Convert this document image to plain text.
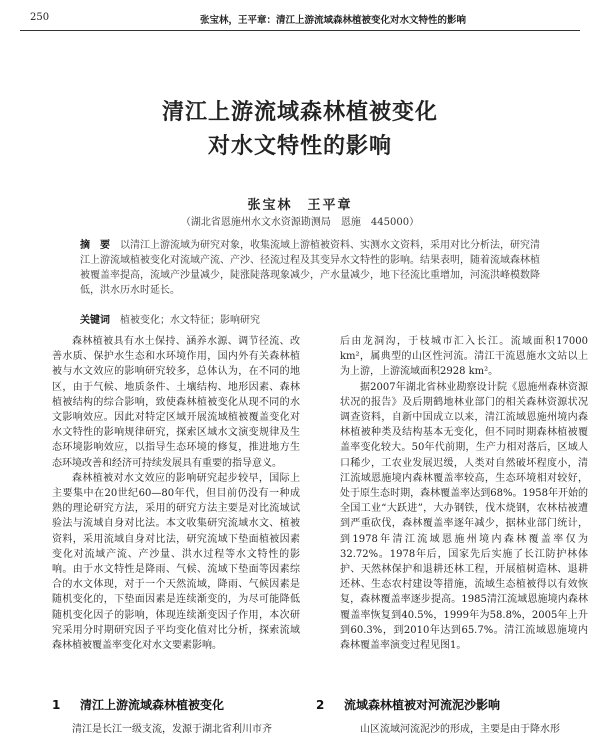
250	张宝林，王平章：清江上游流域森林植被变化对水文特性的影响
清江上游流域森林植被变化
对水文特性的影响
张宝林　王平章
（湖北省恩施州水文水资源勘测局　恩施　445000）
摘　要　 以清江上游流域为研究对象，收集流域上游植被资料、实测水文资料，采用对比分析法，研究清江上游流域植被变化对流域产流、产沙、径流过程及其变异水文特性的影响。结果表明，随着流域森林植被覆盖率提高，流域产沙量减少，陡涨陡落现象减少，产水量减少，地下径流比重增加，河流洪峰模数降低，洪水历水时延长。
关键词　 植被变化；水文特征；影响研究

森林植被具有水土保持、涵养水源、调节径流、改善水质、保护水生态和水环境作用，国内外有关森林植被与水文效应的影响研究较多，总体认为，在不同的地区，由于气候、地质条件、土壤结构、地形因素、森林植被结构的综合影响，致使森林植被变化从现不同的水文影响效应。因此对特定区域开展流域植被覆盖变化对水文特性的影响规律研究，探索区域水文演变规律及生态环境影响效应，以指导生态环境的修复，推进地方生态环境改善和经济可持续发展具有重要的指导意义。

森林植被对水文效应的影响研究起步较早，国际上主要集中在20世纪60—80年代，但目前仍没有一种成熟的理论研究方法，采用的研究方法主要是对比流域试验法与流域自身对比法。本文收集研究流域水文、植被资料，采用流域自身对比法，研究流域下垫面植被因素变化对流域产流、产沙量、洪水过程等水文特性的影响。由于水文特性是降雨、气候、流域下垫面等因素综合的水文体现，对于一个天然流域，降雨、气候因素是随机变化的，下垫面因素是连续渐变的，为尽可能降低随机变化因子的影响，体现连续渐变因子作用，本次研究采用分时期研究因子平均变化值对比分析，探索流域森林植被覆盖率变化对水文要素影响。

后由龙洞沟，于枝城市汇入长江。流域面积17000 km²，属典型的山区性河流。清江干流恩施水文站以上为上游，上游流域面积2928 km²。

据2007年湖北省林业勘察设计院《恩施州森林资源状况的报告》及后期鹤地林业部门的相关森林资源状况调查资料，自新中国成立以来，清江流域恩施州境内森林植被种类及结构基本无变化，但不同时期森林植被覆盖率变化较大。50年代前期，生产力相对落后，区域人口稀少，工农业发展迟缓，人类对自然破坏程度小，清江流域恩施境内森林覆盖率较高，生态环境相对较好，处于原生态时期，森林覆盖率达到68%。1958年开始的全国工业“大跃进”，大办钢铁，伐木烧钢，农林枯被遭到严重砍伐，森林覆盖率逐年减少，据林业部门统计，到1978年清江流域恩施州境内森林覆盖率仅为32.72%。1978年后，国家先后实施了长江防护林体护、天然林保护和退耕还林工程，开展植树造林、退耕还林、生态农村建设等措施，流域生态植被得以有效恢复，森林覆盖率逐步提高。1985清江流域恩施境内森林覆盖率恢复到40.5%，1999年为58.8%，2005年上升到60.3%，到2010年达到65.7%。清江流域恩施境内森林覆盖率演变过程见图1。

1 清江上游流域森林植被变化	2 流域森林植被对河流泥沙影响
清江是长江一级支流，发源于湖北省利川市齐	山区流域河流泥沙的形成，主要是由于降水形
